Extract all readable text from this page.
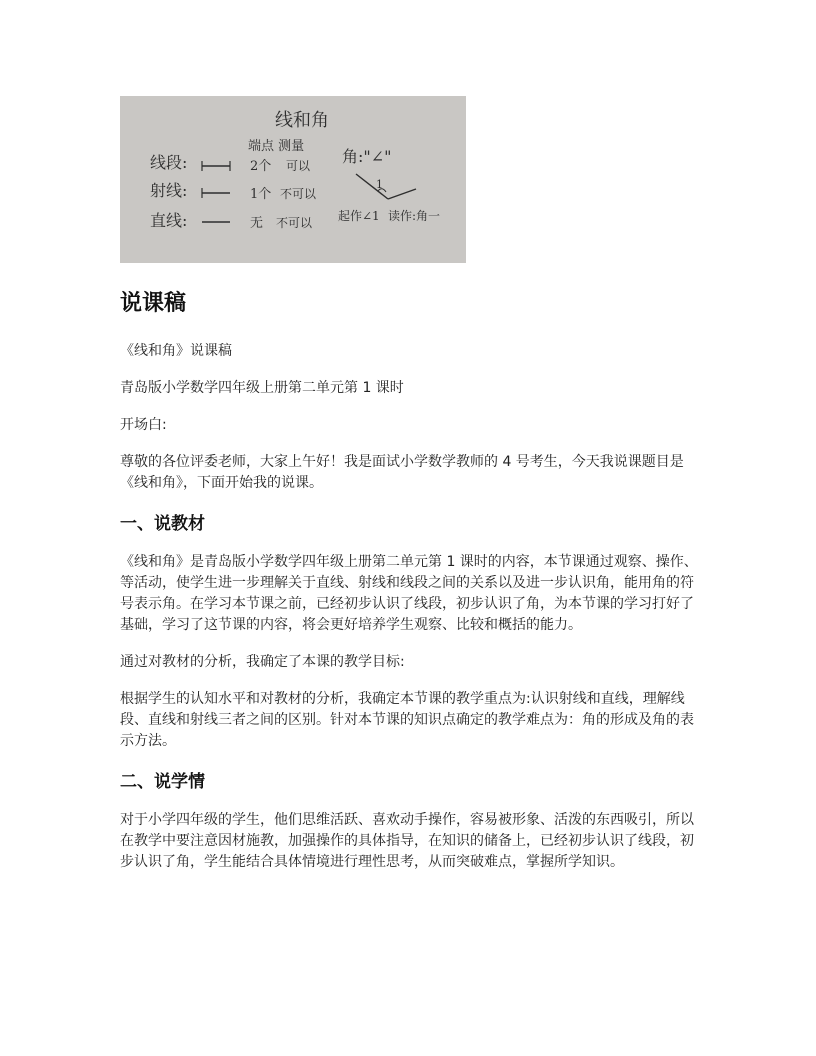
线和角
端点 测量
线段:	2个 可以
射线:	1个 不可以
直线:	无 不可以
角:"∠"
1
起作∠1 读作:角一
说课稿

《线和角》说课稿

青岛版小学数学四年级上册第二单元第 1 课时

开场白:

尊敬的各位评委老师，大家上午好！我是面试小学数学教师的 4 号考生，今天我说课题目是《线和角》，下面开始我的说课。

一、说教材

《线和角》是青岛版小学数学四年级上册第二单元第 1 课时的内容，本节课通过观察、操作、等活动，使学生进一步理解关于直线、射线和线段之间的关系以及进一步认识角，能用角的符号表示角。在学习本节课之前，已经初步认识了线段，初步认识了角，为本节课的学习打好了基础，学习了这节课的内容，将会更好培养学生观察、比较和概括的能力。

通过对教材的分析，我确定了本课的教学目标:

根据学生的认知水平和对教材的分析，我确定本节课的教学重点为:认识射线和直线，理解线段、直线和射线三者之间的区别。针对本节课的知识点确定的教学难点为：角的形成及角的表示方法。

二、说学情

对于小学四年级的学生，他们思维活跃、喜欢动手操作，容易被形象、活泼的东西吸引，所以在教学中要注意因材施教，加强操作的具体指导，在知识的储备上，已经初步认识了线段，初步认识了角，学生能结合具体情境进行理性思考，从而突破难点，掌握所学知识。
